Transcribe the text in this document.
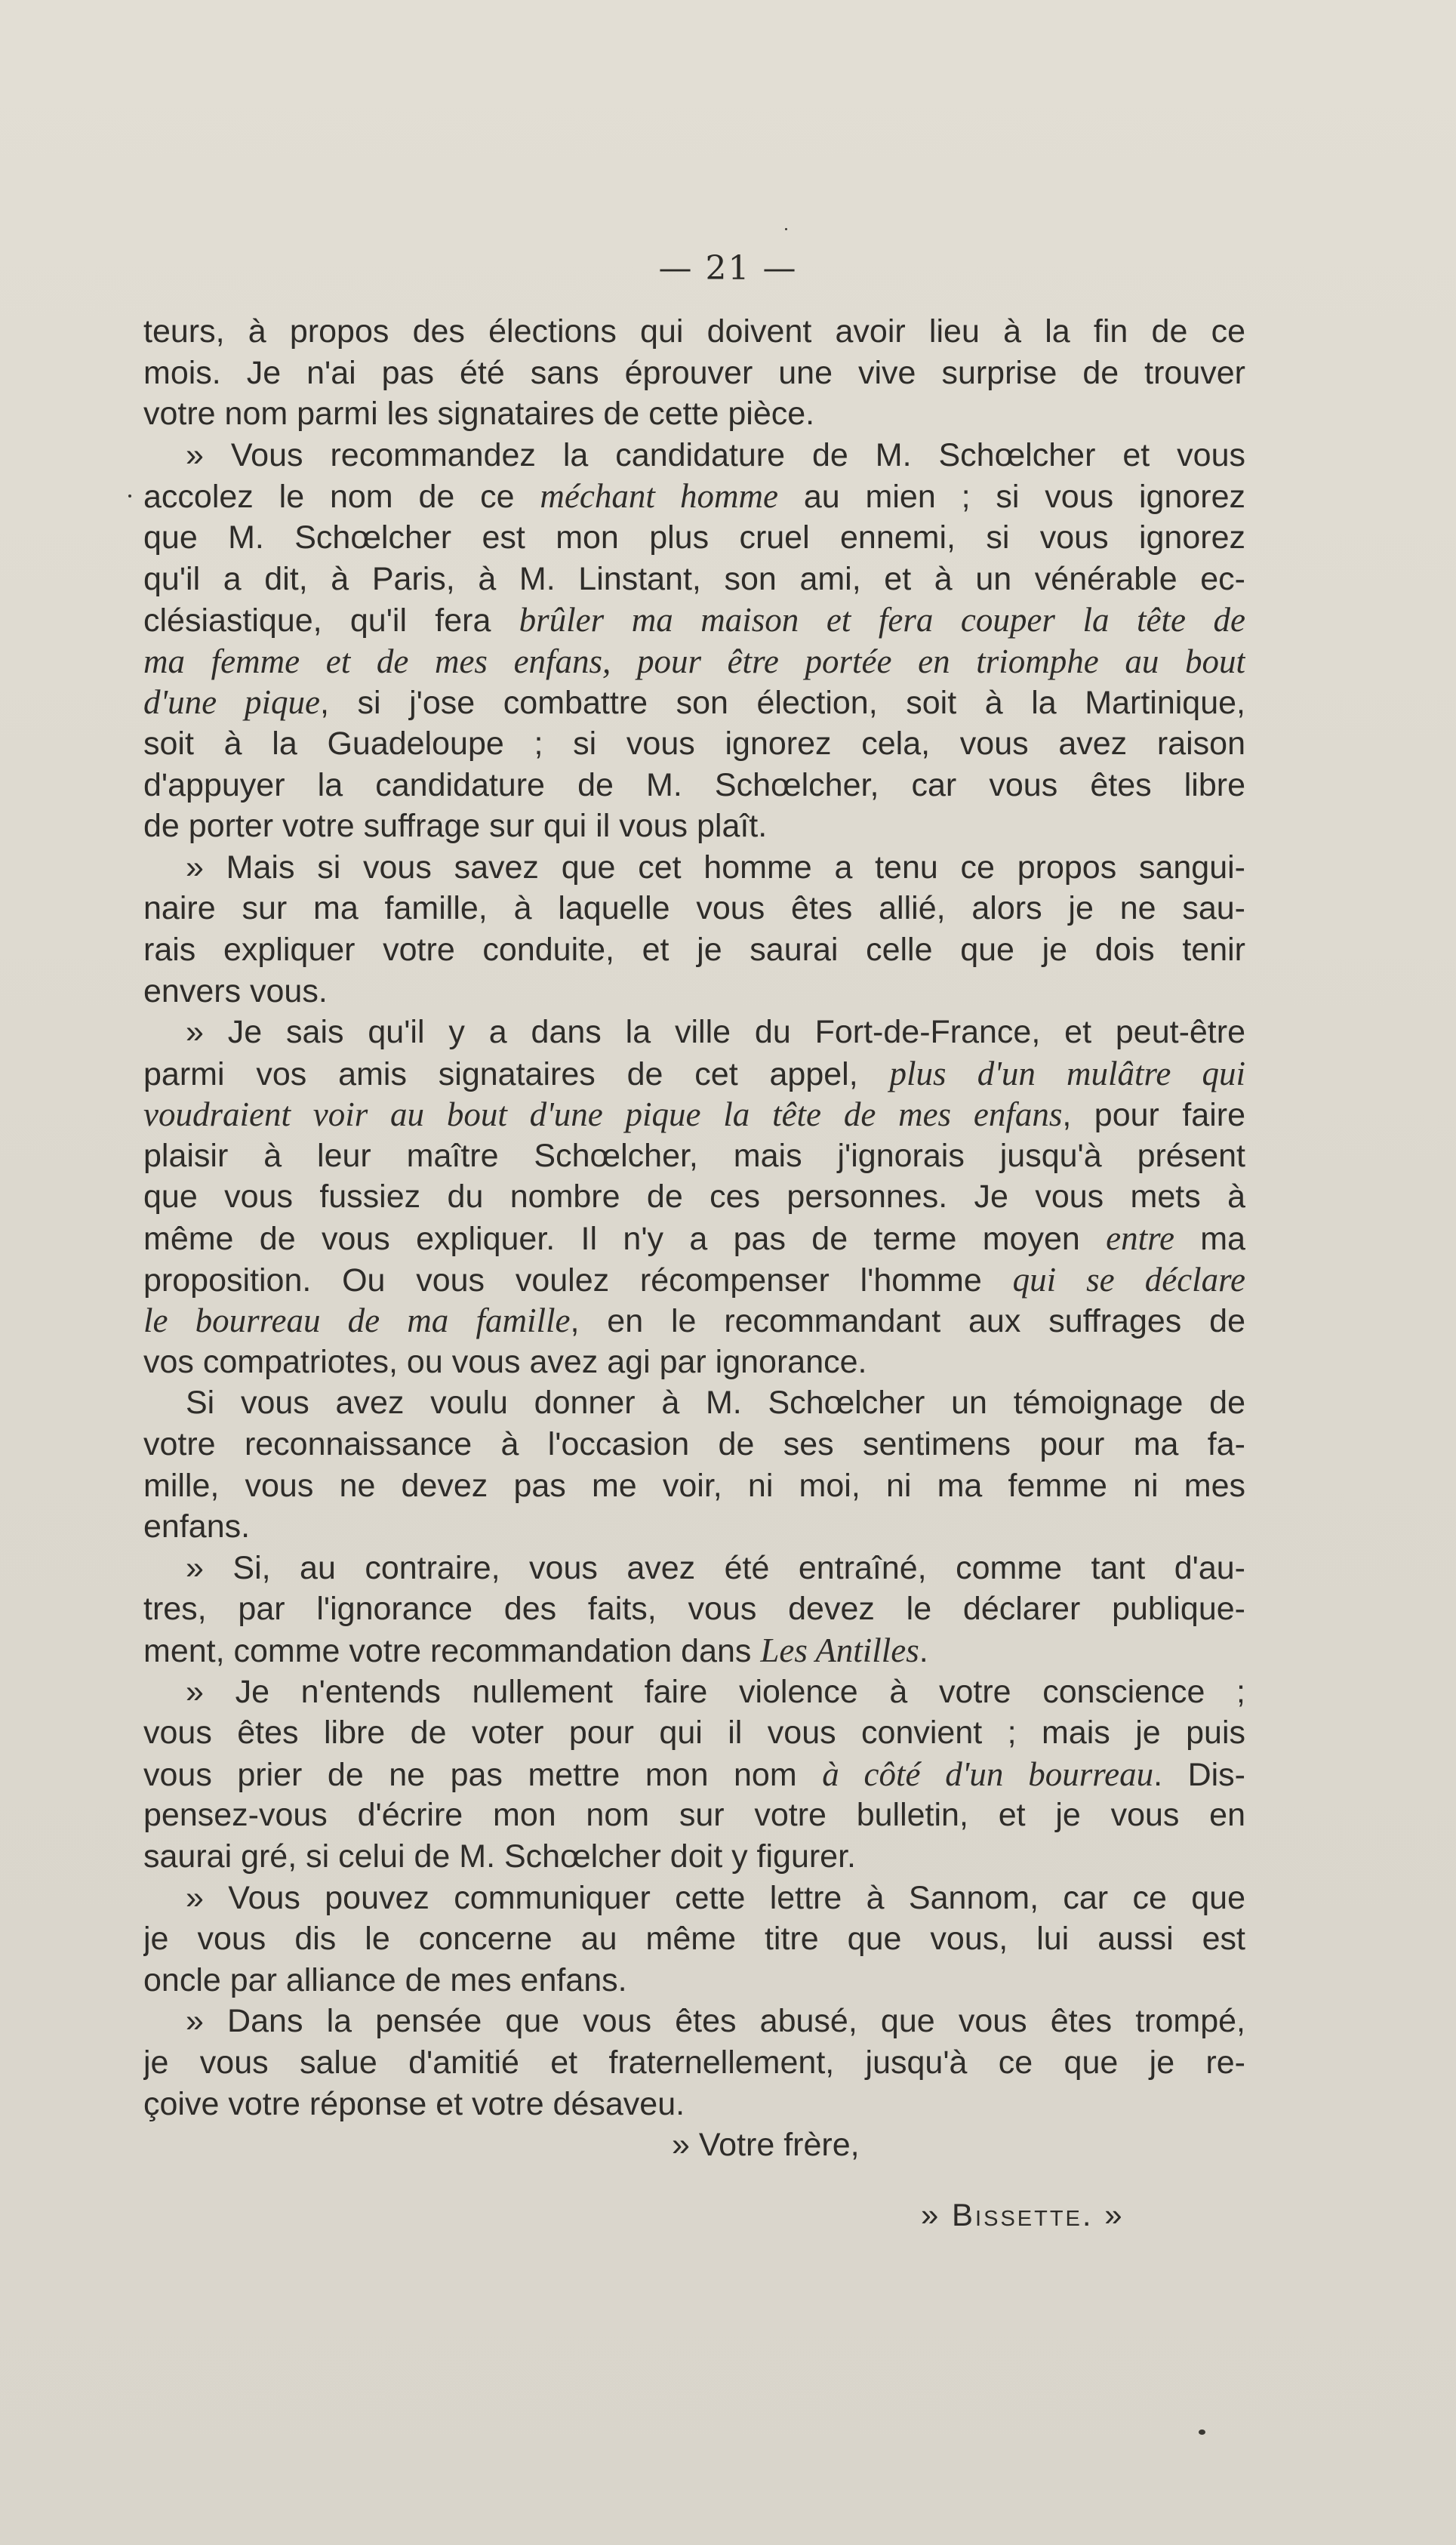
— 21 —
teurs, à propos des élections qui doivent avoir lieu à la fin de ce
mois. Je n'ai pas été sans éprouver une vive surprise de trouver
votre nom parmi les signataires de cette pièce.
» Vous recommandez la candidature de M. Schœlcher et vous
accolez le nom de ce méchant homme au mien ; si vous ignorez
que M. Schœlcher est mon plus cruel ennemi, si vous ignorez
qu'il a dit, à Paris, à M. Linstant, son ami, et à un vénérable ec-
clésiastique, qu'il fera brûler ma maison et fera couper la tête de
ma femme et de mes enfans, pour être portée en triomphe au bout
d'une pique, si j'ose combattre son élection, soit à la Martinique,
soit à la Guadeloupe ; si vous ignorez cela, vous avez raison
d'appuyer la candidature de M. Schœlcher, car vous êtes libre
de porter votre suffrage sur qui il vous plaît.
» Mais si vous savez que cet homme a tenu ce propos sangui-
naire sur ma famille, à laquelle vous êtes allié, alors je ne sau-
rais expliquer votre conduite, et je saurai celle que je dois tenir
envers vous.
» Je sais qu'il y a dans la ville du Fort-de-France, et peut-être
parmi vos amis signataires de cet appel, plus d'un mulâtre qui
voudraient voir au bout d'une pique la tête de mes enfans, pour faire
plaisir à leur maître Schœlcher, mais j'ignorais jusqu'à présent
que vous fussiez du nombre de ces personnes. Je vous mets à
même de vous expliquer. Il n'y a pas de terme moyen entre ma
proposition. Ou vous voulez récompenser l'homme qui se déclare
le bourreau de ma famille, en le recommandant aux suffrages de
vos compatriotes, ou vous avez agi par ignorance.
Si vous avez voulu donner à M. Schœlcher un témoignage de
votre reconnaissance à l'occasion de ses sentimens pour ma fa-
mille, vous ne devez pas me voir, ni moi, ni ma femme ni mes
enfans.
» Si, au contraire, vous avez été entraîné, comme tant d'au-
tres, par l'ignorance des faits, vous devez le déclarer publique-
ment, comme votre recommandation dans Les Antilles.
» Je n'entends nullement faire violence à votre conscience ;
vous êtes libre de voter pour qui il vous convient ; mais je puis
vous prier de ne pas mettre mon nom à côté d'un bourreau. Dis-
pensez-vous d'écrire mon nom sur votre bulletin, et je vous en
saurai gré, si celui de M. Schœlcher doit y figurer.
» Vous pouvez communiquer cette lettre à Sannom, car ce que
je vous dis le concerne au même titre que vous, lui aussi est
oncle par alliance de mes enfans.
» Dans la pensée que vous êtes abusé, que vous êtes trompé,
je vous salue d'amitié et fraternellement, jusqu'à ce que je re-
çoive votre réponse et votre désaveu.
» Votre frère,
» Bissette. »
